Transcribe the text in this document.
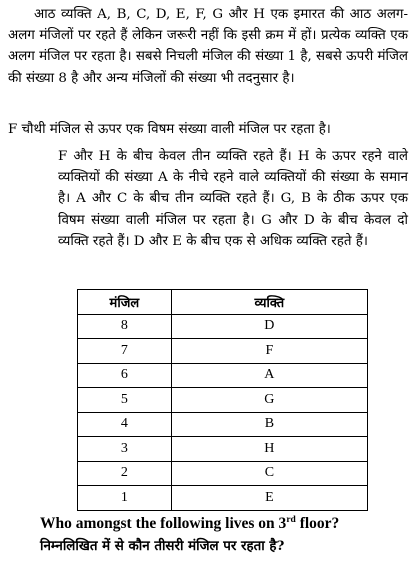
आठ व्यक्ति A, B, C, D, E, F, G और H एक इमारत की आठ अलग-अलग मंजिलों पर रहते हैं लेकिन जरूरी नहीं कि इसी क्रम में हों। प्रत्येक व्यक्ति एक अलग मंजिल पर रहता है। सबसे निचली मंजिल की संख्या 1 है, सबसे ऊपरी मंजिल की संख्या 8 है और अन्य मंजिलों की संख्या भी तदनुसार है।

F चौथी मंजिल से ऊपर एक विषम संख्या वाली मंजिल पर रहता है।

F और H के बीच केवल तीन व्यक्ति रहते हैं। H के ऊपर रहने वाले व्यक्तियों की संख्या A के नीचे रहने वाले व्यक्तियों की संख्या के समान है। A और C के बीच तीन व्यक्ति रहते हैं। G, B के ठीक ऊपर एक विषम संख्या वाली मंजिल पर रहता है। G और D के बीच केवल दो व्यक्ति रहते हैं। D और E के बीच एक से अधिक व्यक्ति रहते हैं।

मंजिल	व्यक्ति
8	D
7	F
6	A
5	G
4	B
3	H
2	C
1	E
Who amongst the following lives on 3rd floor?
निम्नलिखित में से कौन तीसरी मंजिल पर रहता है?
